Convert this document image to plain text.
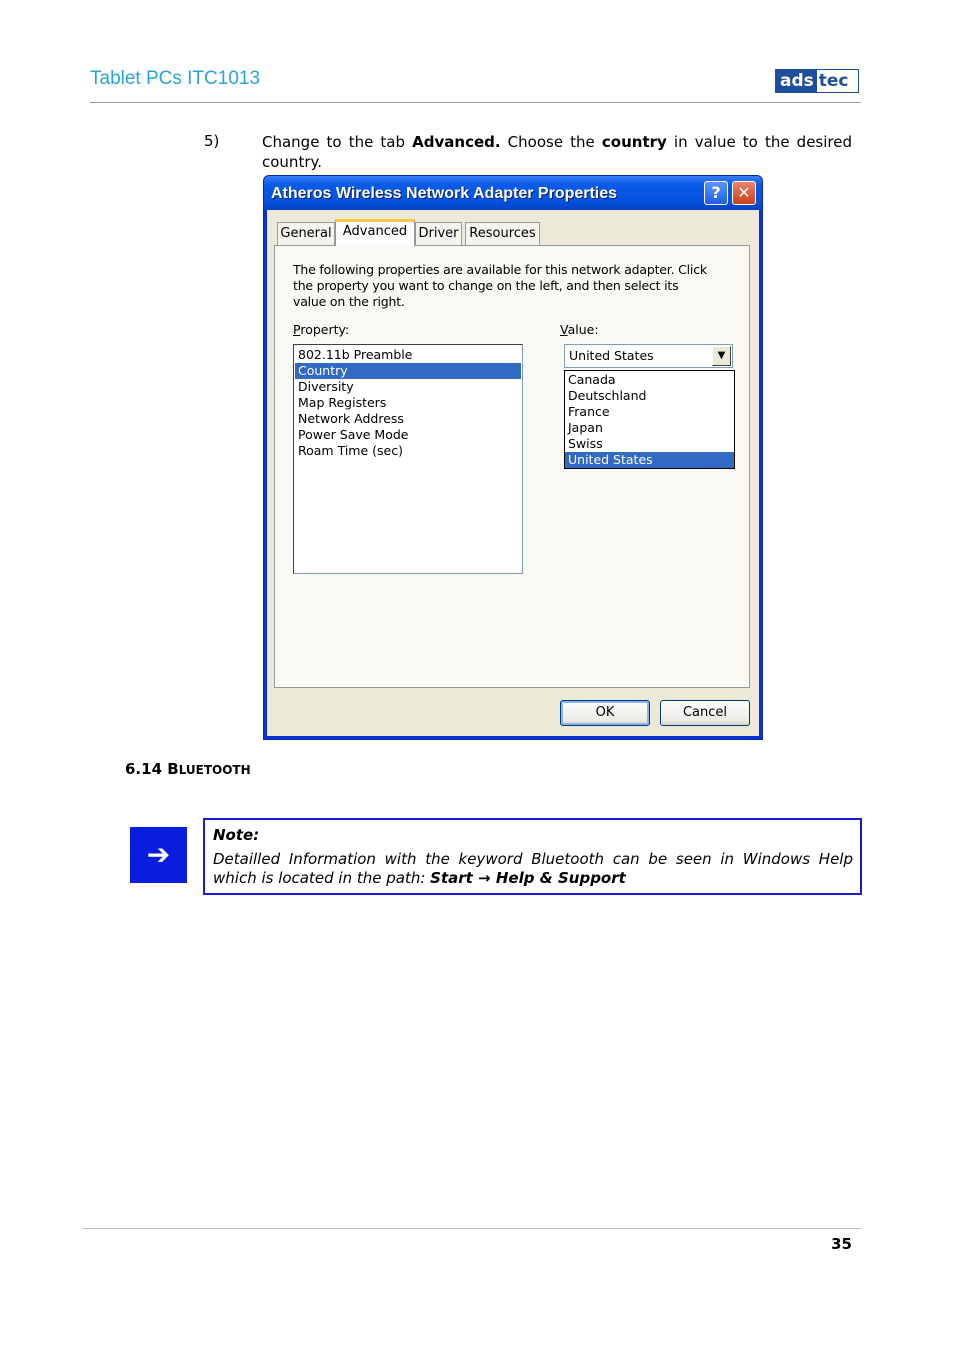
Tablet PCs ITC1013	ads tec
5)	Change to the tab Advanced. Choose the country in value to the desired country.
Atheros Wireless Network Adapter Properties	?	✕
General Advanced Driver Resources
The following properties are available for this network adapter. Click the property you want to change on the left, and then select its value on the right.
Property:	Value:
802.11b Preamble
Country
Diversity
Map Registers
Network Address
Power Save Mode
Roam Time (sec)
United States	▼
Canada
Deutschland
France
Japan
Swiss
United States
OK	Cancel
6.14 BLUETOOTH
➔
Note:
Detailled Information with the keyword Bluetooth can be seen in Windows Help which is located in the path: Start → Help & Support
35
